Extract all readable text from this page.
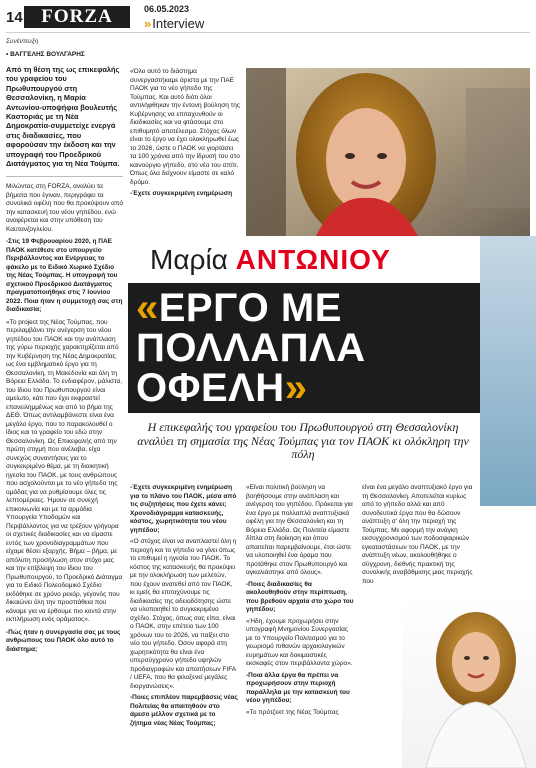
14 FORZA	06.05.2023
»Interview

Συνέντευξη

• ΒΑΓΓΕΛΗΣ ΒΟΥΛΓΑΡΗΣ

Από τη θέση της ως επικεφαλής του γραφείου του Πρωθυπουργού στη Θεσσαλονίκη, η Μαρία Αντωνίου-υποψήφια βουλευτής Καστοριάς με τη Νέα Δημοκρατία-συμμετείχε ενεργά στις διαδικασίες, που αφορούσαν την έκδοση και την υπογραφή του Προεδρικού Διατάγματος για τη Νέα Τούμπα.

Μιλώντας στη FORZA, αναλύει τα βήματα που έγιναν, περιγράφει τα συνολικά οφέλη που θα προκύψουν από την κατασκευή του νέου γηπέδου, ενώ αναφέρεται και στην υπόθεση του Καυτανζογλείου.

-Στις 19 Φεβρουαρίου 2020, η ΠΑΕ ΠΑΟΚ κατέθεσε στο υπουργείο Περιβάλλοντος και Ενέργειας το φάκελο με το Ειδικό Χωρικό Σχέδιο της Νέας Τούμπας. Η υπογραφή του σχετικού Προεδρικού Διατάγματος πραγματοποιήθηκε στις 7 Ιουνίου 2022. Ποια ήταν η συμμετοχή σας στη διαδικασία;

«Το project της Νέας Τούμπας, που περιλαμβάνει την ανέγερση του νέου γηπέδου του ΠΑΟΚ και την ανάπλαση της γύρω περιοχής χαρακτηρίζεται από την Κυβέρνηση της Νέας Δημοκρατίας ως ένα εμβληματικό έργο για τη Θεσσαλονίκη, τη Μακεδονία και όλη τη Βόρεια Ελλάδα. Το ενδιαφέρον, μάλιστα, του ίδιου του Πρωθυπουργού είναι αμείωτο, κάτι που έχει εκφραστεί επανειλημμένως και από το βήμα της ΔΕΘ. Όπως αντιλαμβάνεστε είναι ένα μεγάλο έργο, που το παρακολουθεί ο ίδιος και το γραφείο του εδώ στην Θεσσαλονίκη. Ως Επικεφαλής από την πρώτη στιγμή που ανέλαβα, είχα συνεχώς συναντήσεις για το συγκεκριμένο θέμα, με τη διοικητική ηγεσία του ΠΑΟΚ, με τους ανθρώπους που ασχολούνται με το νέο γήπεδο της ομάδας για να ρυθμίσουμε όλες τις λεπτομέρειες. Ήμουν σε συνεχή επικοινωνία και με τα αρμόδια Υπουργεία Υποδομών και Περιβάλλοντος για να τρέξουν γρήγορα οι σχετικές διαδικασίες και να είμαστε εντός των χρονοδιαγραμμάτων που είχαμε θέσει εξαρχής. Βήμα – βήμα, με απόλυτη προσήλωση στον στόχο μας και την επίβλεψη του ίδιου του Πρωθυπουργού, το Προεδρικό Διάταγμα για το Ειδικό Πολεοδομικό Σχέδιο εκδόθηκε σε χρόνο ρεκόρ, γεγονός που δικαιώνει όλη την προσπάθεια που κάναμε για να έρθουμε πιο κοντά στην εκπλήρωση ενός οράματος».

-Πώς ήταν η συνεργασία σας με τους ανθρώπους του ΠΑΟΚ όλο αυτό το διάστημα;

«Όλο αυτό το διάστημα συνεργαστήκαμε άριστα με την ΠΑΕ ΠΑΟΚ για το νέο γήπεδο της Τούμπας. Και αυτό διότι όλοι αντιλήφθηκαν την έντονη βούληση της Κυβέρνησης να επιταχυνθούν οι διαδικασίες και να φτάσουμε στο επιθυμητό αποτέλεσμα. Στόχος όλων είναι το έργο να έχει ολοκληρωθεί έως το 2026, ώστε ο ΠΑΟΚ να γιορτάσει τα 100 χρόνια από την ίδρυσή του στο καινούργιο γήπεδο, στο νέο του σπίτι. Όπως όλα δείχνουν είμαστε σε καλό δρόμο.

-Έχετε συγκεκριμένη ενημέρωση

Μαρία ΑΝΤΩΝΙΟΥ
«ΕΡΓΟ ΜΕ
ΠΟΛΛΑΠΛΑ
ΟΦΕΛΗ»
Η επικεφαλής του γραφείου του Πρωθυπουργού στη Θεσσαλονίκη αναλύει τη σημασία της Νέας Τούμπας για τον ΠΑΟΚ κι ολόκληρη την πόλη

-Έχετε συγκεκριμένη ενημέρωση για το πλάνο του ΠΑΟΚ, μέσα από τις συζητήσεις που έχετε κάνει; Χρονοδιάγραμμα κατασκευής, κόστος, χωρητικότητα του νέου γηπέδου;

«Ο στόχος είναι να αναπλαστεί όλη η περιοχή και το γήπεδο να γίνει όπως το επιθυμεί η ηγεσία του ΠΑΟΚ. Το κόστος της κατασκευής θα προκύψει με την ολοκλήρωση των μελετών, που έχουν ανατεθεί από τον ΠΑΟΚ, κι εμείς θα επιταχύνουμε τις διαδικασίες της αδειοδότησης ώστε να υλοποιηθεί το συγκεκριμένο σχέδιο. Στόχος, όπως σας είπα, είναι ο ΠΑΟΚ, στην επέτειο των 100 χρόνων του το 2026, να παίξει στο νέο του γήπεδο. Όσον αφορά στη χωρητικότητα θα είναι ένα υπερσύγχρονο γήπεδο υψηλών προδιαγραφών και απαιτήσεων FIFA / UEFA, που θα φιλοξενεί μεγάλες διοργανώσεις».

-Ποιες επιπλέον παρεμβάσεις νέας Πολιτείας θα απαιτηθούν στο άμεσο μέλλον σχετικά με το ζήτημα νέας Νέας Τούμπας;

«Είναι πολιτική βούληση να βοηθήσουμε στην ανάπλαση και ανέγερση του γηπέδου. Πρόκειται για ένα έργο με πολλαπλά αναπτυξιακά οφέλη για την Θεσσαλονίκη και τη Βόρεια Ελλάδα. Ως Πολιτεία είμαστε δίπλα στη διοίκηση και όπου απαιτείται παρεμβαίνουμε, έτσι ώστε να υλοποιηθεί ένα όραμα που προτάθηκε στον Πρωθυπουργό και αγκαλιάστηκε από όλους».

-Ποιες διαδικασίες θα ακολουθηθούν στην περίπτωση, που βρεθούν αρχαία στο χώρο του γηπέδου;

«Ήδη, έχουμε προχωρήσει στην υπογραφή Μνημονίου Συνεργασίας με το Υπουργείο Πολιτισμού για το γεωρισμό πιθανών αρχαιολογικών ευρημάτων και δοκιμαστικές εκσκαφές στον περιβάλλοντα χώρο».

-Ποια άλλα έργα θα πρέπει να προχωρήσουν στην περιοχή παράλληλα με την κατασκευή του νέου γηπέδου;

«Το πρότζεκτ της Νέας Τούμπας

είναι ένα μεγάλο αναπτυξιακό έργο για τη Θεσσαλονίκη. Αποτελείται κυρίως από το γήπεδο αλλά και από συνοδευτικά έργα που θα δώσουν ανάπτυξη σ' όλη την περιοχή της Τούμπας. Με αφορμή την ανάγκη εκσυγχρονισμού των ποδοσφαιρικών εγκαταστάσεων του ΠΑΟΚ, με την ανάπτυξη νέων, ακολουθήθηκε ο σύγχρονη, διεθνής πρακτική της συνολικής αναβάθμισης μιας περιοχής που
